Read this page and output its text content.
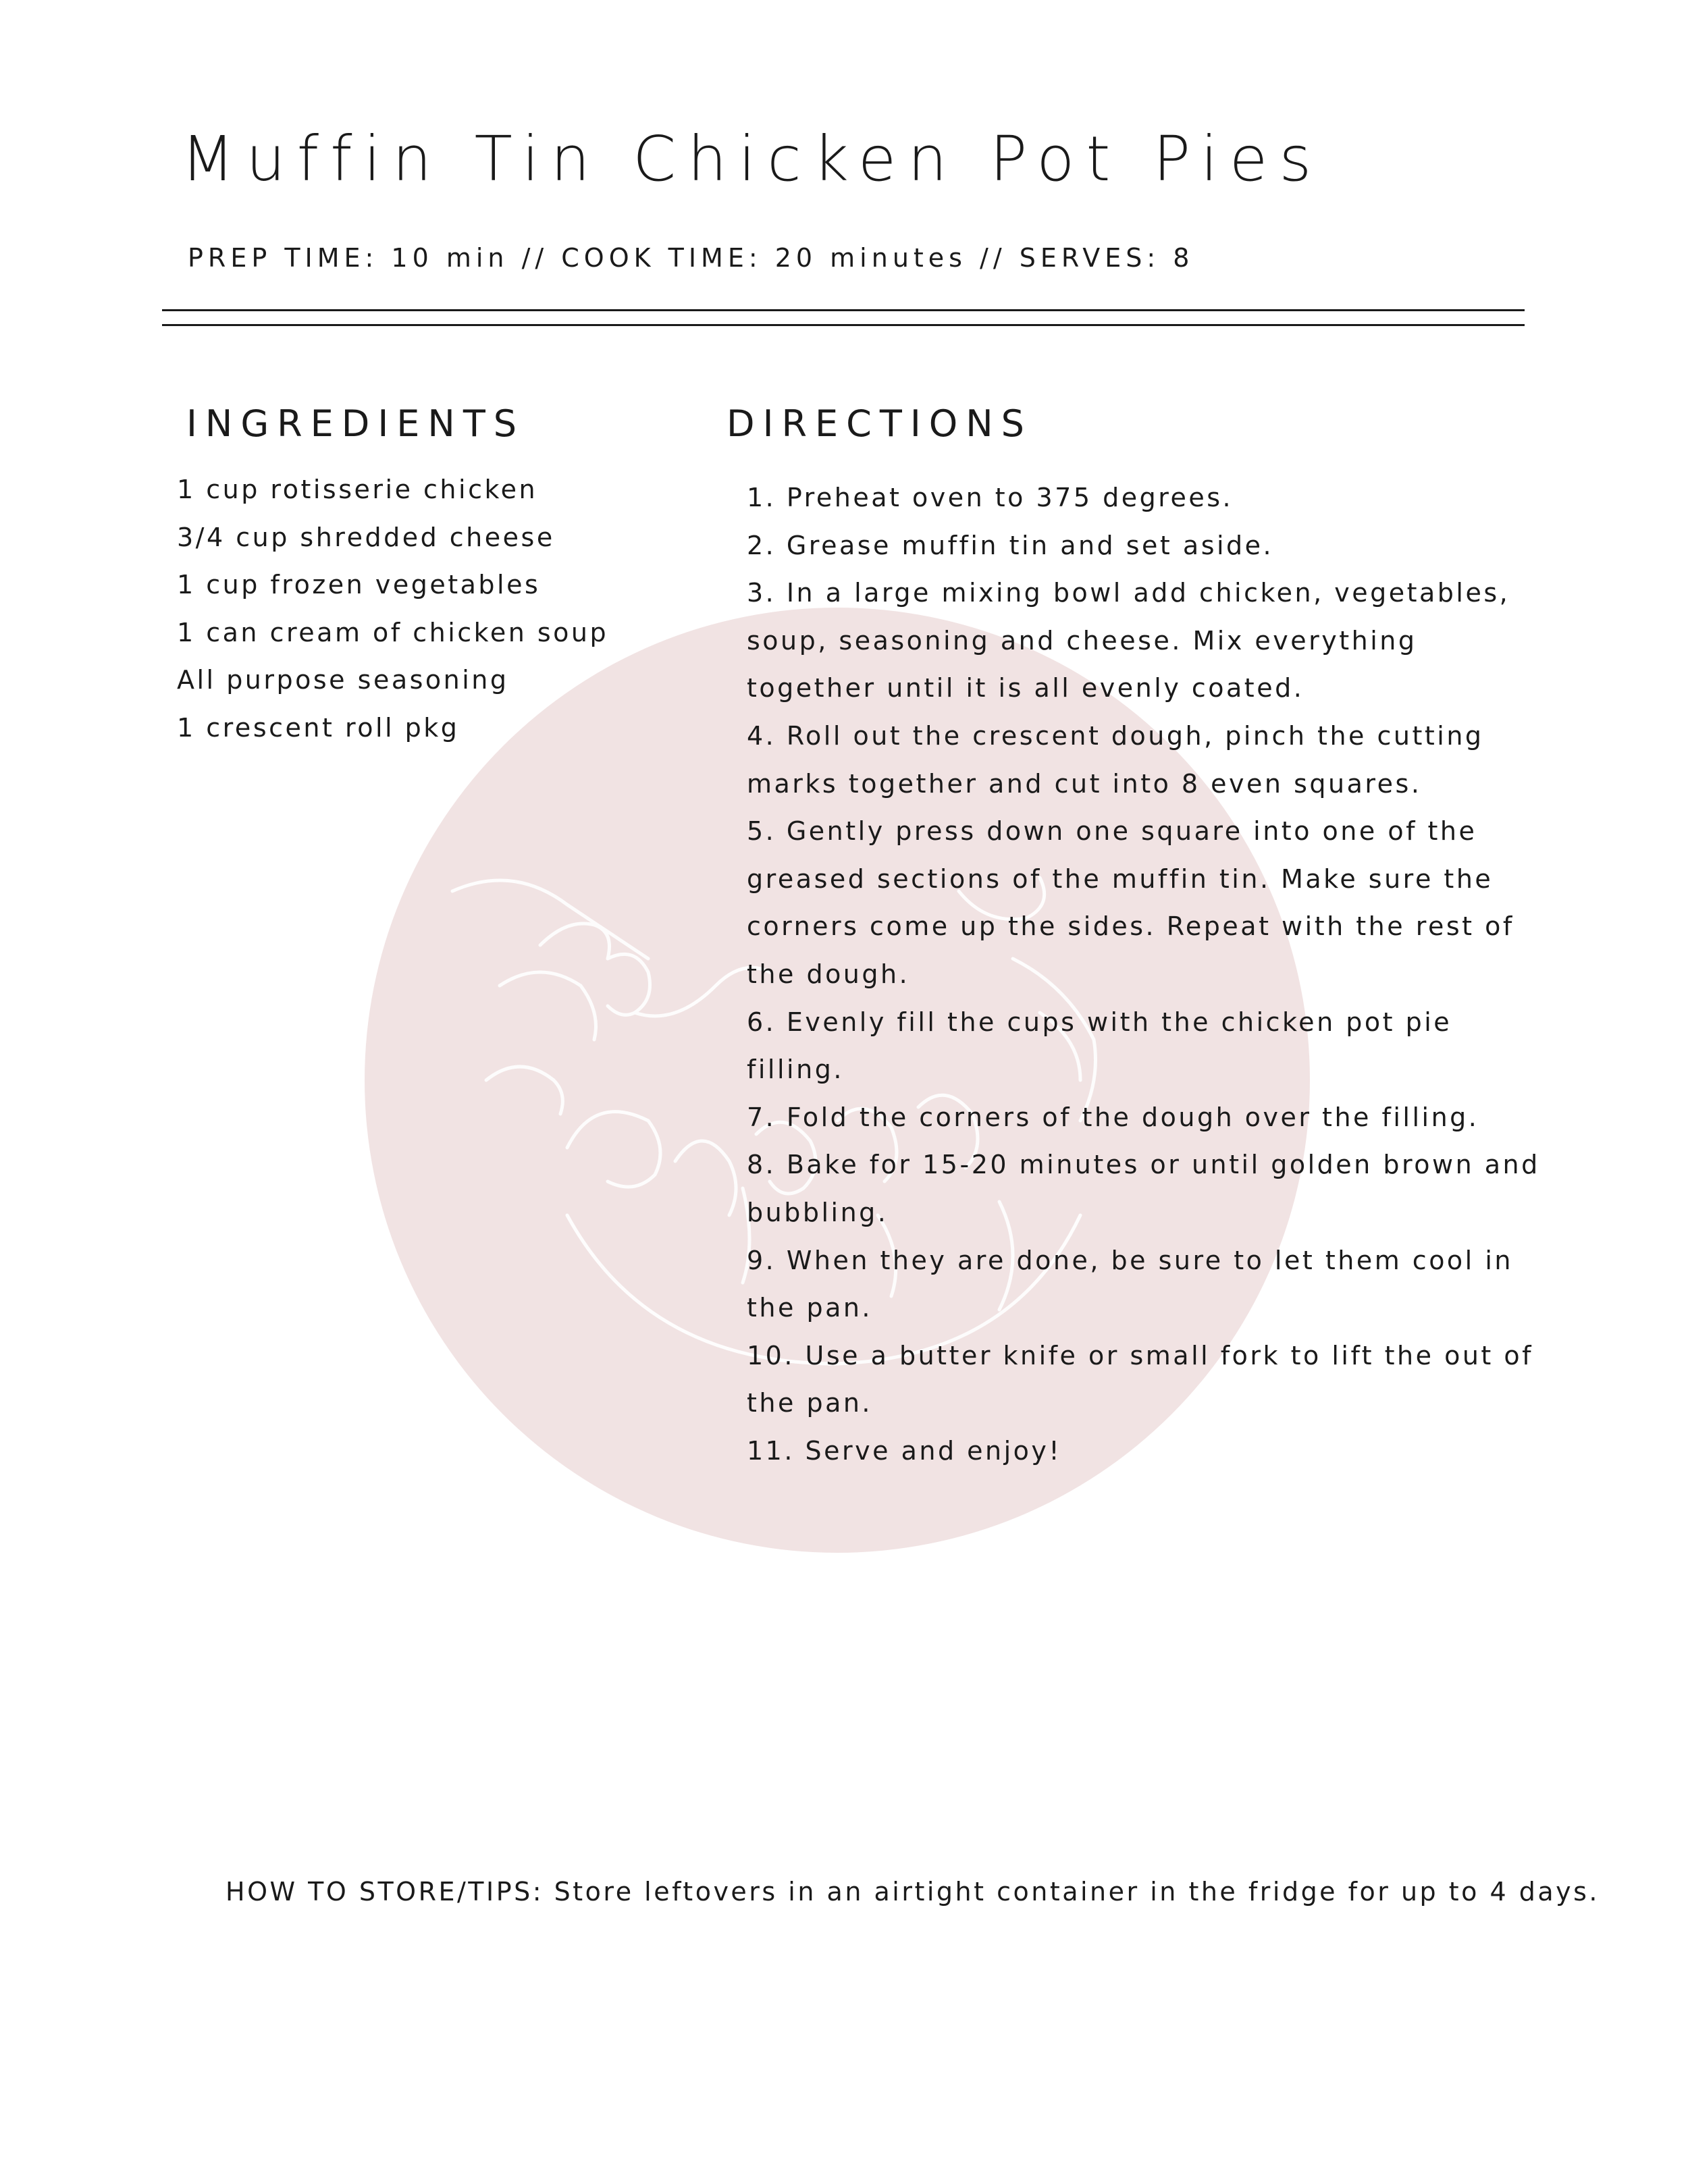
Muffin Tin Chicken Pot Pies
PREP TIME: 10 min // COOK TIME: 20 minutes // SERVES: 8
INGREDIENTS
1 cup rotisserie chicken
3/4 cup shredded cheese
1 cup frozen vegetables
1 can cream of chicken soup
All purpose seasoning
1 crescent roll pkg
DIRECTIONS
1. Preheat oven to 375 degrees.
2. Grease muffin tin and set aside.
3. In a large mixing bowl add chicken, vegetables, soup, seasoning and cheese. Mix everything together until it is all evenly coated.
4. Roll out the crescent dough, pinch the cutting marks together and cut into 8 even squares.
5. Gently press down one square into one of the greased sections of the muffin tin. Make sure the corners come up the sides. Repeat with the rest of the dough.
6. Evenly fill the cups with the chicken pot pie filling.
7. Fold the corners of the dough over the filling.
8. Bake for 15-20 minutes or until golden brown and bubbling.
9. When they are done, be sure to let them cool in the pan.
10. Use a butter knife or small fork to lift the out of the pan.
11. Serve and enjoy!
HOW TO STORE/TIPS: Store leftovers in an airtight container in the fridge for up to 4 days.
